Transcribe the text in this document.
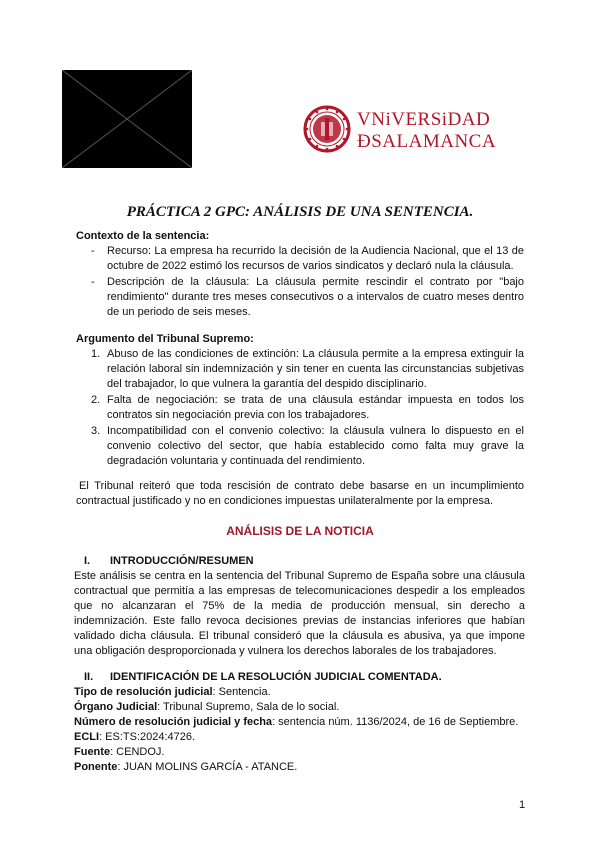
VNiVERSiDAD
ÐSALAMANCA
PRÁCTICA 2 GPC: ANÁLISIS DE UNA SENTENCIA.
Contexto de la sentencia:
- Recurso: La empresa ha recurrido la decisión de la Audiencia Nacional, que el 13 de octubre de 2022 estimó los recursos de varios sindicatos y declaró nula la cláusula.
- Descripción de la cláusula: La cláusula permite rescindir el contrato por "bajo rendimiento" durante tres meses consecutivos o a intervalos de cuatro meses dentro de un periodo de seis meses.
Argumento del Tribunal Supremo:
1. Abuso de las condiciones de extinción: La cláusula permite a la empresa extinguir la relación laboral sin indemnización y sin tener en cuenta las circunstancias subjetivas del trabajador, lo que vulnera la garantía del despido disciplinario.
2. Falta de negociación: se trata de una cláusula estándar impuesta en todos los contratos sin negociación previa con los trabajadores.
3. Incompatibilidad con el convenio colectivo: la cláusula vulnera lo dispuesto en el convenio colectivo del sector, que había establecido como falta muy grave la degradación voluntaria y continuada del rendimiento.
El Tribunal reiteró que toda rescisión de contrato debe basarse en un incumplimiento contractual justificado y no en condiciones impuestas unilateralmente por la empresa.
ANÁLISIS DE LA NOTICIA
I. INTRODUCCIÓN/RESUMEN
Este análisis se centra en la sentencia del Tribunal Supremo de España sobre una cláusula contractual que permitía a las empresas de telecomunicaciones despedir a los empleados que no alcanzaran el 75% de la media de producción mensual, sin derecho a indemnización. Este fallo revoca decisiones previas de instancias inferiores que habían validado dicha cláusula. El tribunal consideró que la cláusula es abusiva, ya que impone una obligación desproporcionada y vulnera los derechos laborales de los trabajadores.
II. IDENTIFICACIÓN DE LA RESOLUCIÓN JUDICIAL COMENTADA.
Tipo de resolución judicial: Sentencia.
Órgano Judicial: Tribunal Supremo, Sala de lo social.
Número de resolución judicial y fecha: sentencia núm. 1136/2024, de 16 de Septiembre.
ECLI: ES:TS:2024:4726.
Fuente: CENDOJ.
Ponente: JUAN MOLINS GARCÍA - ATANCE.
1
